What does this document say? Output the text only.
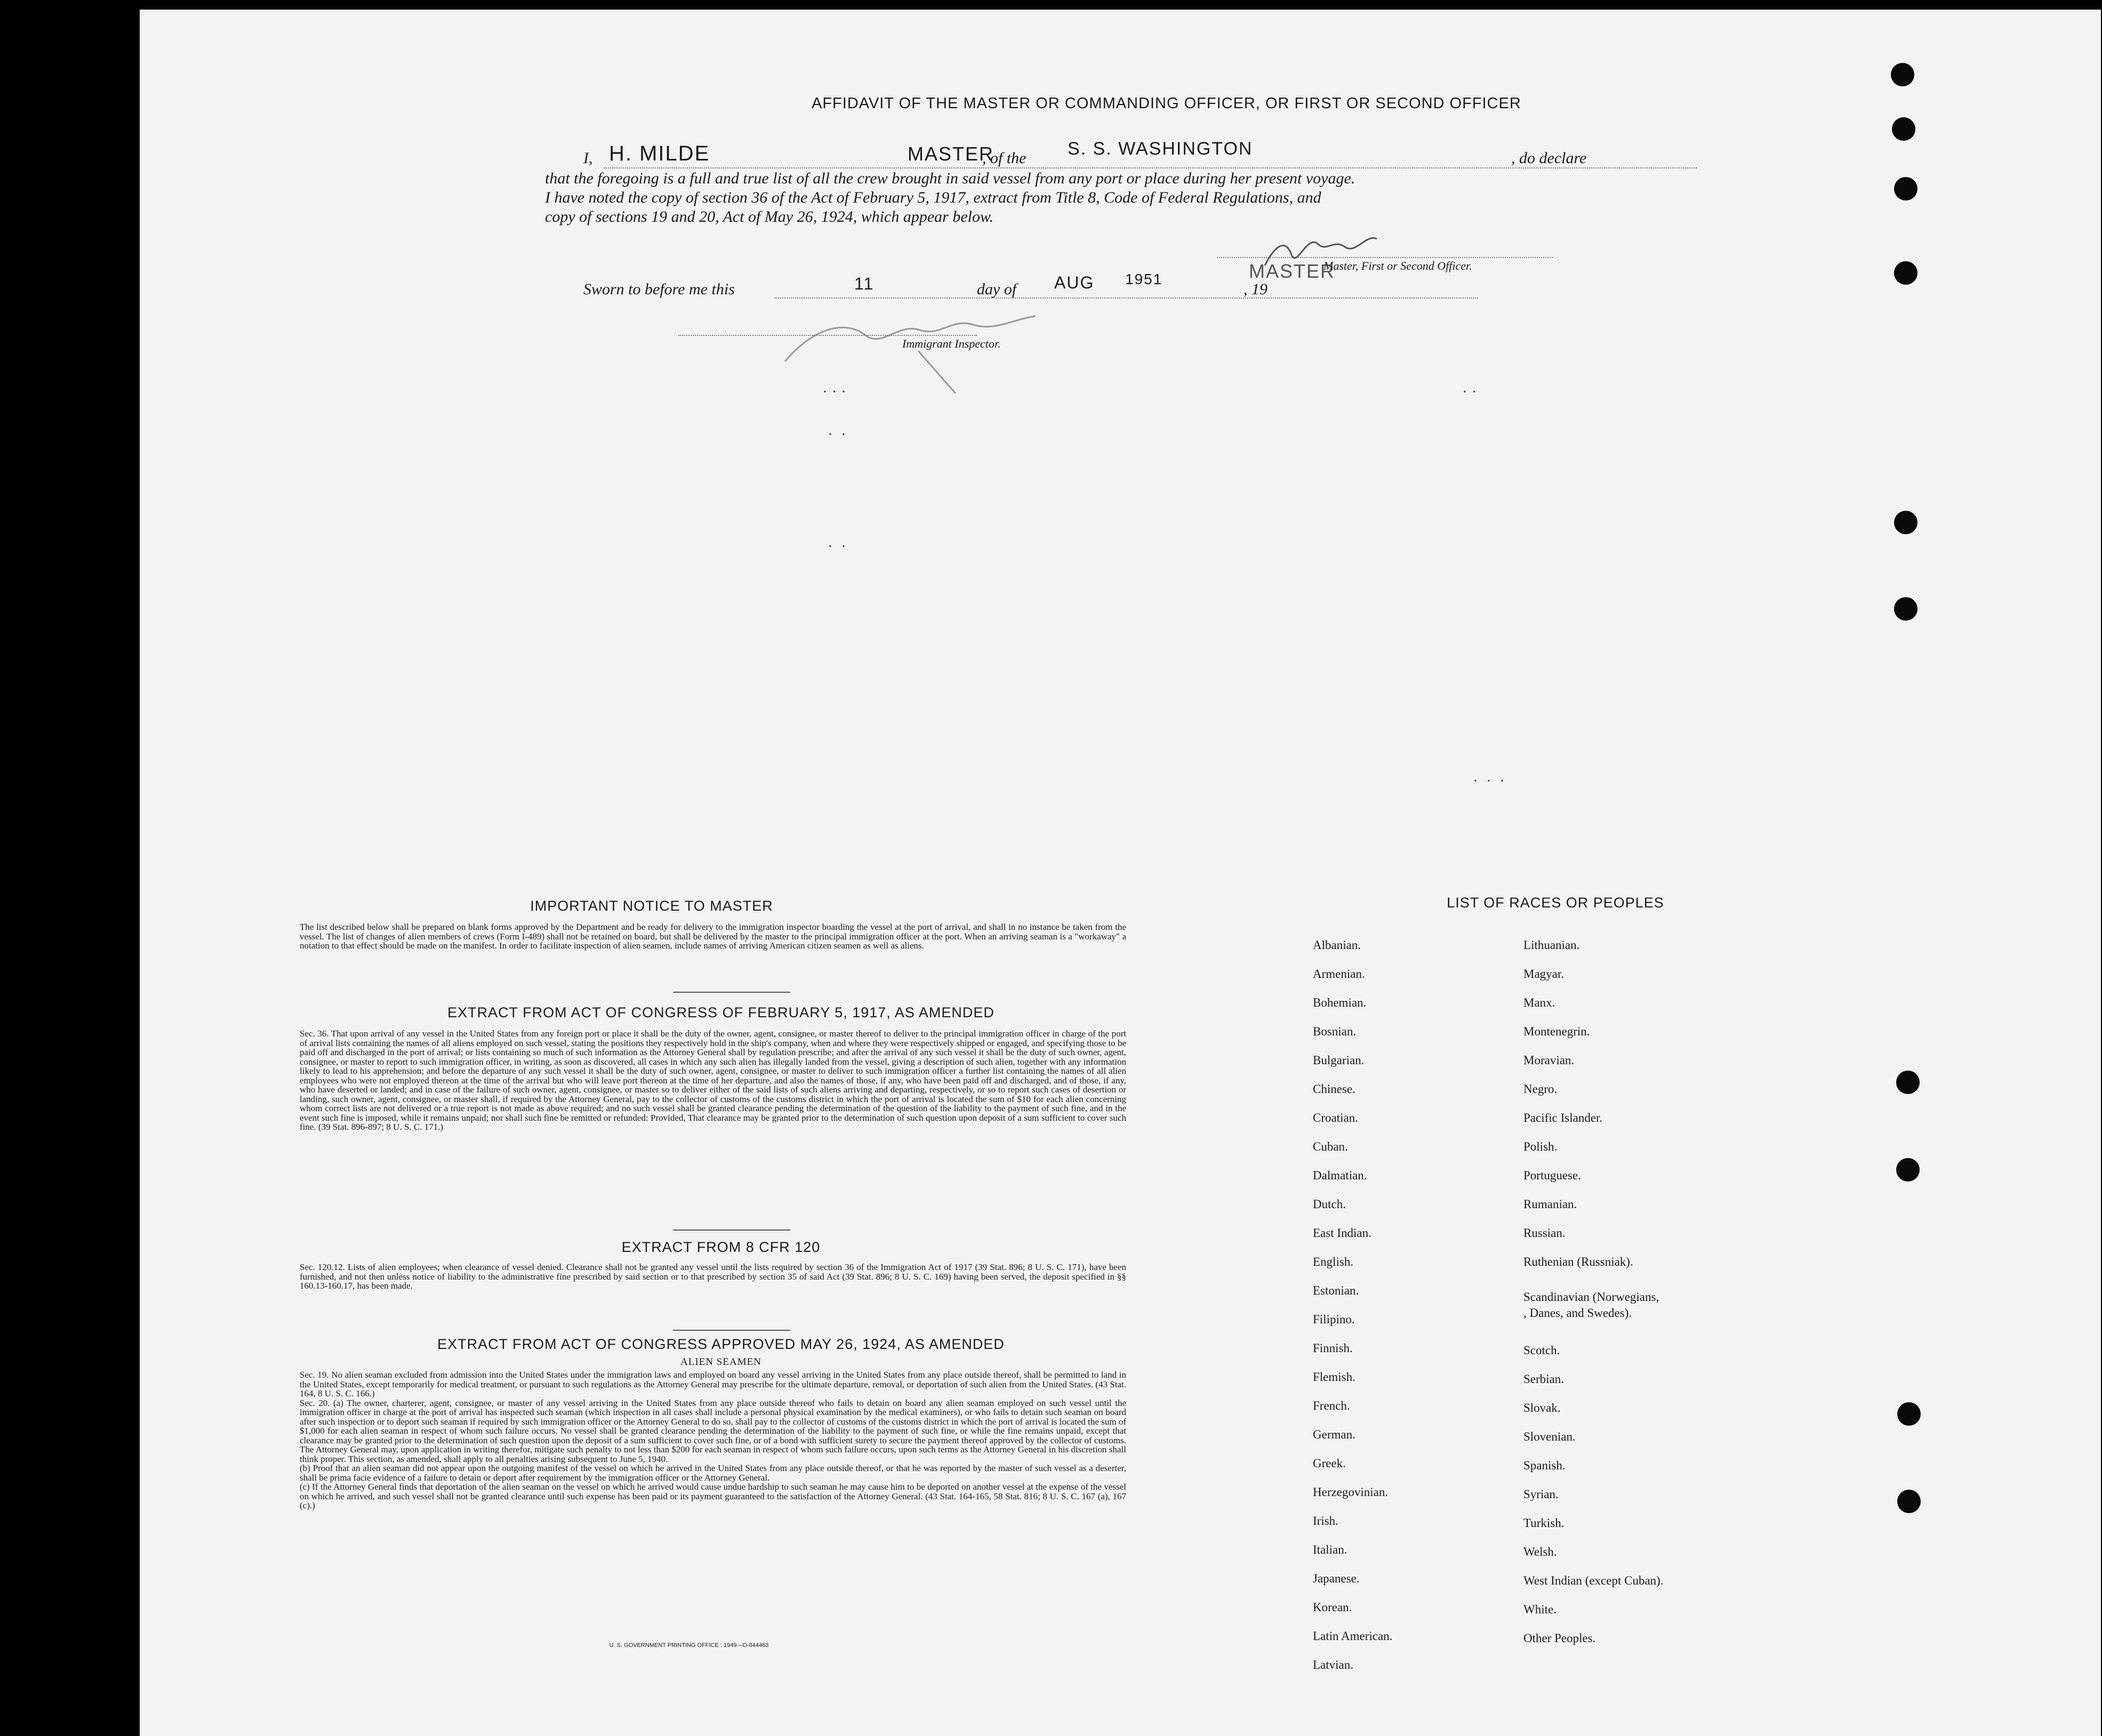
AFFIDAVIT OF THE MASTER OR COMMANDING OFFICER, OR FIRST OR SECOND OFFICER
I, H. MILDE	MASTER
, of the S. S. WASHINGTON	, do declare
that the foregoing is a full and true list of all the crew brought in said vessel from any port or place during her present voyage.
I have noted the copy of section 36 of the Act of February 5, 1917, extract from Title 8, Code of Federal Regulations, and
copy of sections 19 and 20, Act of May 26, 1924, which appear below.
MASTER
Master, First or Second Officer.
Sworn to before me this	11	day of AUG 1951
, 19
Immigrant Inspector.
· · ·
·  ·
·  ·
· ·
·  ·  ·
IMPORTANT NOTICE TO MASTER
The list described below shall be prepared on blank forms approved by the Department and be ready for delivery to the immigration inspector boarding the vessel at the port of arrival, and shall in no instance be taken from the vessel. The list of changes of alien members of crews (Form I-489) shall not be retained on board, but shall be delivered by the master to the principal immigration officer at the port. When an arriving seaman is a "workaway" a notation to that effect should be made on the manifest. In order to facilitate inspection of alien seamen, include names of arriving American citizen seamen as well as aliens.
EXTRACT FROM ACT OF CONGRESS OF FEBRUARY 5, 1917, AS AMENDED
Sec. 36. That upon arrival of any vessel in the United States from any foreign port or place it shall be the duty of the owner, agent, consignee, or master thereof to deliver to the principal immigration officer in charge of the port of arrival lists containing the names of all aliens employed on such vessel, stating the positions they respectively hold in the ship's company, when and where they were respectively shipped or engaged, and specifying those to be paid off and discharged in the port of arrival; or lists containing so much of such information as the Attorney General shall by regulation prescribe; and after the arrival of any such vessel it shall be the duty of such owner, agent, consignee, or master to report to such immigration officer, in writing, as soon as discovered, all cases in which any such alien has illegally landed from the vessel, giving a description of such alien, together with any information likely to lead to his apprehension; and before the departure of any such vessel it shall be the duty of such owner, agent, consignee, or master to deliver to such immigration officer a further list containing the names of all alien employees who were not employed thereon at the time of the arrival but who will leave port thereon at the time of her departure, and also the names of those, if any, who have been paid off and discharged, and of those, if any, who have deserted or landed; and in case of the failure of such owner, agent, consignee, or master so to deliver either of the said lists of such aliens arriving and departing, respectively, or so to report such cases of desertion or landing, such owner, agent, consignee, or master shall, if required by the Attorney General, pay to the collector of customs of the customs district in which the port of arrival is located the sum of $10 for each alien concerning whom correct lists are not delivered or a true report is not made as above required; and no such vessel shall be granted clearance pending the determination of the question of the liability to the payment of such fine, and in the event such fine is imposed, while it remains unpaid; nor shall such fine be remitted or refunded: Provided, That clearance may be granted prior to the determination of such question upon deposit of a sum sufficient to cover such fine. (39 Stat. 896-897; 8 U. S. C. 171.)
EXTRACT FROM 8 CFR 120
Sec. 120.12. Lists of alien employees; when clearance of vessel denied. Clearance shall not be granted any vessel until the lists required by section 36 of the Immigration Act of 1917 (39 Stat. 896; 8 U. S. C. 171), have been furnished, and not then unless notice of liability to the administrative fine prescribed by said section or to that prescribed by section 35 of said Act (39 Stat. 896; 8 U. S. C. 169) having been served, the deposit specified in §§ 160.13-160.17, has been made.
EXTRACT FROM ACT OF CONGRESS APPROVED MAY 26, 1924, AS AMENDED
ALIEN SEAMEN
Sec. 19. No alien seaman excluded from admission into the United States under the immigration laws and employed on board any vessel arriving in the United States from any place outside thereof, shall be permitted to land in the United States, except temporarily for medical treatment, or pursuant to such regulations as the Attorney General may prescribe for the ultimate departure, removal, or deportation of such alien from the United States. (43 Stat. 164, 8 U. S. C. 166.)
Sec. 20. (a) The owner, charterer, agent, consignee, or master of any vessel arriving in the United States from any place outside thereof who fails to detain on board any alien seaman employed on such vessel until the immigration officer in charge at the port of arrival has inspected such seaman (which inspection in all cases shall include a personal physical examination by the medical examiners), or who fails to detain such seaman on board after such inspection or to deport such seaman if required by such immigration officer or the Attorney General to do so, shall pay to the collector of customs of the customs district in which the port of arrival is located the sum of $1,000 for each alien seaman in respect of whom such failure occurs. No vessel shall be granted clearance pending the determination of the liability to the payment of such fine, or while the fine remains unpaid, except that clearance may be granted prior to the determination of such question upon the deposit of a sum sufficient to cover such fine, or of a bond with sufficient surety to secure the payment thereof approved by the collector of customs. The Attorney General may, upon application in writing therefor, mitigate such penalty to not less than $200 for each seaman in respect of whom such failure occurs, upon such terms as the Attorney General in his discretion shall think proper. This section, as amended, shall apply to all penalties arising subsequent to June 5, 1940.
(b) Proof that an alien seaman did not appear upon the outgoing manifest of the vessel on which he arrived in the United States from any place outside thereof, or that he was reported by the master of such vessel as a deserter, shall be prima facie evidence of a failure to detain or deport after requirement by the immigration officer or the Attorney General.
(c) If the Attorney General finds that deportation of the alien seaman on the vessel on which he arrived would cause undue hardship to such seaman he may cause him to be deported on another vessel at the expense of the vessel on which he arrived, and such vessel shall not be granted clearance until such expense has been paid or its payment guaranteed to the satisfaction of the Attorney General. (43 Stat. 164-165, 58 Stat. 816; 8 U. S. C. 167 (a), 167 (c).)
U. S. GOVERNMENT PRINTING OFFICE : 1949—O-844463
LIST OF RACES OR PEOPLES
Albanian.
Armenian.
Bohemian.
Bosnian.
Bulgarian.
Chinese.
Croatian.
Cuban.
Dalmatian.
Dutch.
East Indian.
English.
Estonian.
Filipino.
Finnish.
Flemish.
French.
German.
Greek.
Herzegovinian.
Irish.
Italian.
Japanese.
Korean.
Latin American.
Latvian.
Lithuanian.
Magyar.
Manx.
Montenegrin.
Moravian.
Negro.
Pacific Islander.
Polish.
Portuguese.
Rumanian.
Russian.
Ruthenian (Russniak).
Scandinavian (Norwegians,
, Danes, and Swedes).
Scotch.
Serbian.
Slovak.
Slovenian.
Spanish.
Syrian.
Turkish.
Welsh.
West Indian (except Cuban).
White.
Other Peoples.
